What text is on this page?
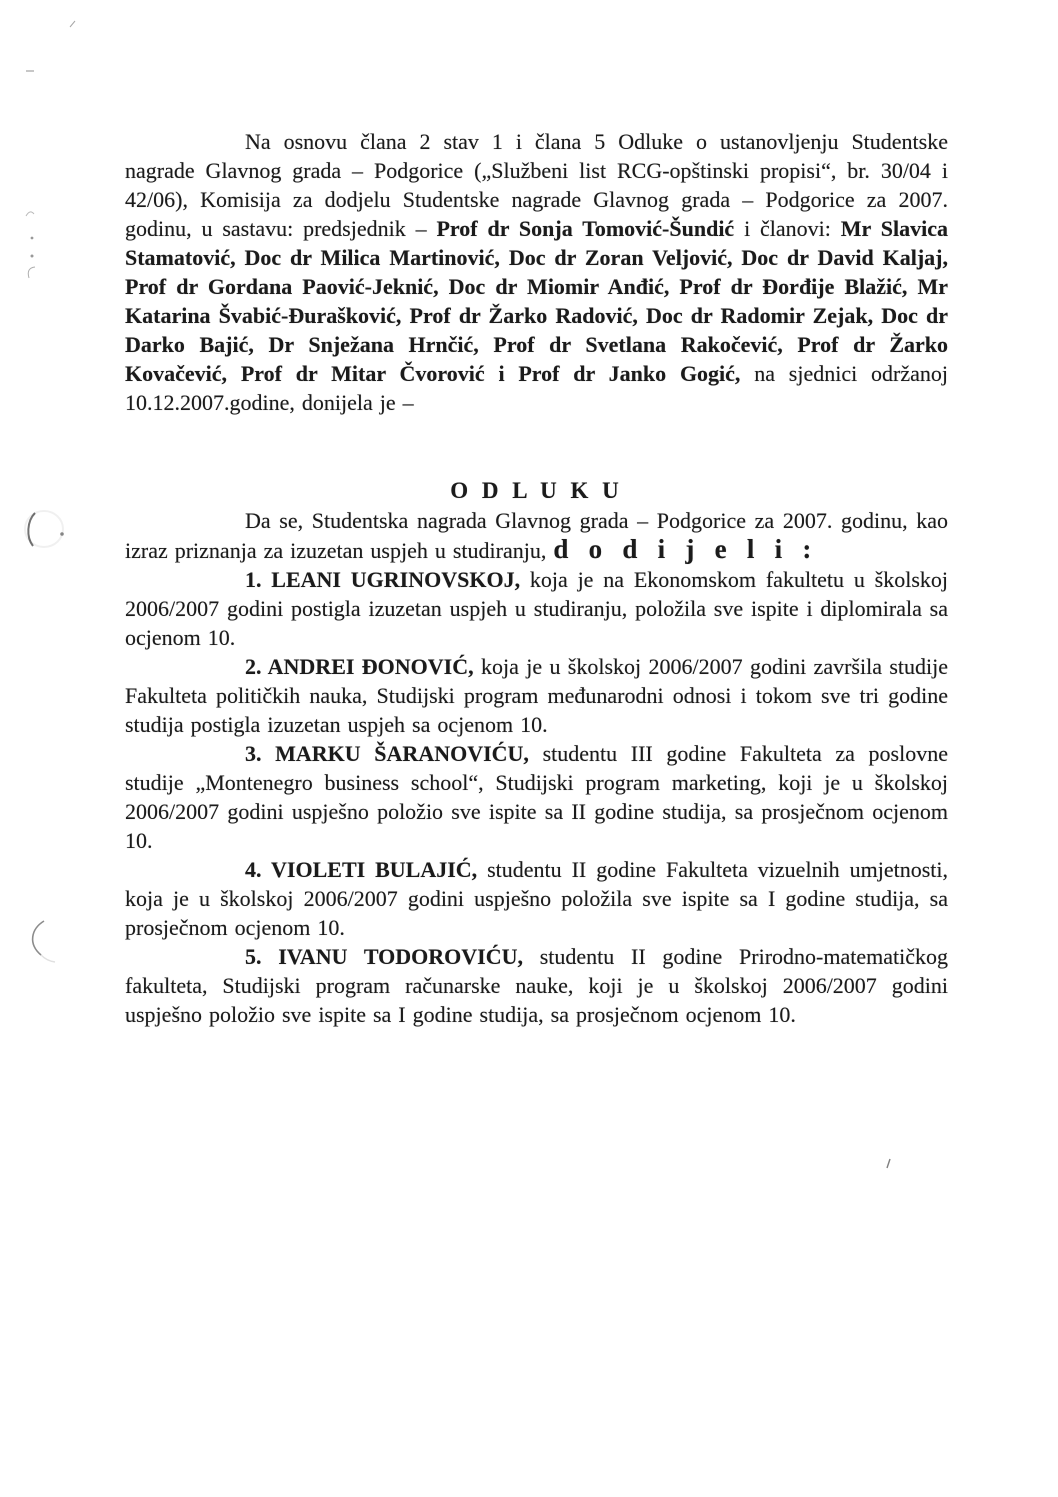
Na osnovu člana 2 stav 1 i člana 5 Odluke o ustanovljenju Studentske nagrade Glavnog grada – Podgorice („Službeni list RCG-opštinski propisi“, br. 30/04 i 42/06), Komisija za dodjelu Studentske nagrade Glavnog grada – Podgorice za 2007. godinu, u sastavu: predsjednik – Prof dr Sonja Tomović-Šundić i članovi: Mr Slavica Stamatović, Doc dr Milica Martinović, Doc dr Zoran Veljović, Doc dr David Kaljaj, Prof dr Gordana Paović-Jeknić, Doc dr Miomir Anđić, Prof dr Đorđije Blažić, Mr Katarina Švabić-Đurašković, Prof dr Žarko Radović, Doc dr Radomir Zejak, Doc dr Darko Bajić, Dr Snježana Hrnčić, Prof dr Svetlana Rakočević, Prof dr Žarko Kovačević, Prof dr Mitar Čvorović i Prof dr Janko Gogić, na sjednici održanoj 10.12.2007.godine, donijela je –

O D L U K U

Da se, Studentska nagrada Glavnog grada – Podgorice za 2007. godinu, kao izraz priznanja za izuzetan uspjeh u studiranju, d o d i j e l i :

1. LEANI UGRINOVSKOJ, koja je na Ekonomskom fakultetu u školskoj 2006/2007 godini postigla izuzetan uspjeh u studiranju, položila sve ispite i diplomirala sa ocjenom 10.

2. ANDREI ĐONOVIĆ, koja je u školskoj 2006/2007 godini završila studije Fakulteta političkih nauka, Studijski program međunarodni odnosi i tokom sve tri godine studija postigla izuzetan uspjeh sa ocjenom 10.

3. MARKU ŠARANOVIĆU, studentu III godine Fakulteta za poslovne studije „Montenegro business school“, Studijski program marketing, koji je u školskoj 2006/2007 godini uspješno položio sve ispite sa II godine studija, sa prosječnom ocjenom 10.

4. VIOLETI BULAJIĆ, studentu II godine Fakulteta vizuelnih umjetnosti, koja je u školskoj 2006/2007 godini uspješno položila sve ispite sa I godine studija, sa prosječnom ocjenom 10.

5. IVANU TODOROVIĆU, studentu II godine Prirodno-matematičkog fakulteta, Studijski program računarske nauke, koji je u školskoj 2006/2007 godini uspješno položio sve ispite sa I godine studija, sa prosječnom ocjenom 10.
